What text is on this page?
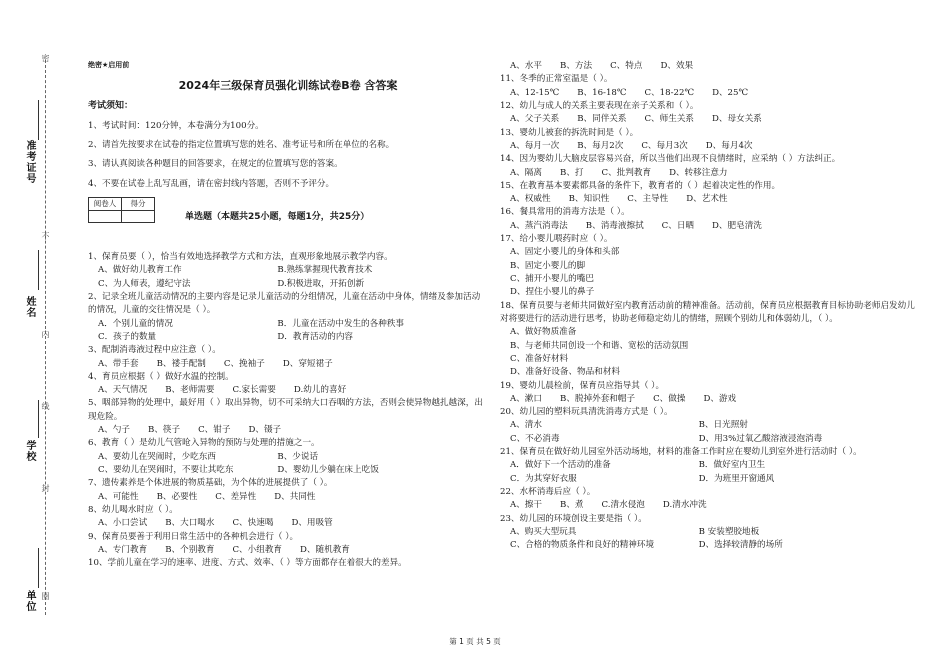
密
准考证号
不
姓名
内
线
学校
封
单位 圈
绝密★启用前
2024年三级保育员强化训练试卷B卷 含答案
考试须知：

1、考试时间：120分钟，本卷满分为100分。

2、请首先按要求在试卷的指定位置填写您的姓名、准考证号和所在单位的名称。

3、请认真阅读各种题目的回答要求，在规定的位置填写您的答案。

4、不要在试卷上乱写乱画，请在密封线内答题，否则不予评分。

阅卷人	得分

单选题（本题共25小题，每题1分，共25分）

1、保育员要（ ），恰当有效地选择教学方式和方法，直观形象地展示教学内容。

A、做好幼儿教育工作	B.熟练掌握现代教育技术
C、为人师表，遵纪守法	D.积极进取，开拓创新

2、记录全班儿童活动情况的主要内容是记录儿童活动的分组情况，儿童在活动中身体，情绪及参加活动的情况，儿童的交往情况是（ ）。

A．个别儿童的情况	B．儿童在活动中发生的各种秩事
C．孩子的数量	D．教育活动的内容

3、配制消毒液过程中应注意（ ）。

A、带手套 B、褛手配制 C、挽袖子 D、穿短裙子

4、育员应根据（ ）做好水温的控制。

A、天气情况 B、老师需要 C.家长需要 D.幼儿的喜好

5、咽部异物的处理中，最好用（ ）取出异物，切不可采纳大口吞咽的方法，否则会使异物越扎越深，出现危险。

A、勺子 B、筷子 C、钳子 D、镊子

6、教育（ ）是幼儿气管呛入异物的预防与处理的措施之一。

A、要幼儿在哭闹时，少吃东西	B、少说话
C、要幼儿在哭闹时，不要让其吃东	D、婴幼儿少躺在床上吃饭

7、遗传素养是个体进展的物质基础，为个体的进展提供了（ ）。

A、可能性 B、必要性 C、差异性 D、共同性

8、幼儿喝水时应（ ）。

A、小口尝试 B、大口喝水 C、快速喝 D、用吸管

9、保育员要善于利用日常生活中的各种机会进行（ ）。

A、专门教育 B、个别教育 C、小组教育 D、随机教育

10、学前儿童在学习的速率、进度、方式、效率、（ ）等方面都存在着很大的差异。

A、水平 B、方法 C、特点 D、效果

11、冬季的正常室温是（ ）。

A、12-15℃ B、16-18℃ C、18-22℃ D、25℃

12、幼儿与成人的关系主要表现在亲子关系和（ ）。

A、父子关系 B、同伴关系 C、师生关系 D、母女关系

13、婴幼儿被套的拆洗时间是（ ）。

A、每月一次 B、每月2次 C、每月3次 D、每月4次

14、因为婴幼儿大脑皮层容易兴奋，所以当他们出现不良情绪时，应采纳（ ）方法纠正。

A、隔离 B、打 C、批判教育 D、转移注意力

15、在教育基本要素都具备的条件下，教育者的（ ）起着决定性的作用。

A、权威性 B、知识性 C、主导性 D、艺术性

16、餐具常用的消毒方法是（ ）。

A、蒸汽消毒法 B、消毒液擦拭 C、日晒 D、肥皂清洗

17、给小婴儿喂药时应（ ）。

A、固定小婴儿的身体和头部
B、固定小婴儿的脚
C、捕开小婴儿的嘴巴
D、捏住小婴儿的鼻子

18、保育员要与老师共同做好室内教育活动前的精神准备。活动前，保育员应根据教育目标协助老师启发幼儿对将要进行的活动进行思考，协助老师稳定幼儿的情绪，照顾个别幼儿和体弱幼儿，（ ）。

A、做好物质准备
B、与老师共同创设一个和谐、宽松的活动氛围
C、准备好材料
D、准备好设备、物品和材料

19、婴幼儿晨检前，保育员应指导其（ ）。

A、漱口 B、脱掉外套和帽子 C、做操 D、游戏

20、幼儿园的塑料玩具清洗消毒方式是（ ）。

A、清水	B、日光照射
C、不必消毒	D、用3%过氧乙酸溶液浸泡消毒

21、保育员在做好幼儿园室外活动场地，材料的准备工作时应在婴幼儿到室外进行活动时（ ）。

A．做好下一个活动的准备	B．做好室内卫生
C．为其穿好衣服	D．为班里开窗通风

22、水杯消毒后应（ ）。

A、擦干 B、煮 C.清水侵泡 D.清水冲洗

23、幼儿园的环境创设主要是指（ ）。

A、购买大型玩具	B 安装塑胶地板
C、合格的物质条件和良好的精神环境	D、选择较清静的场所
第 1 页 共 5 页
